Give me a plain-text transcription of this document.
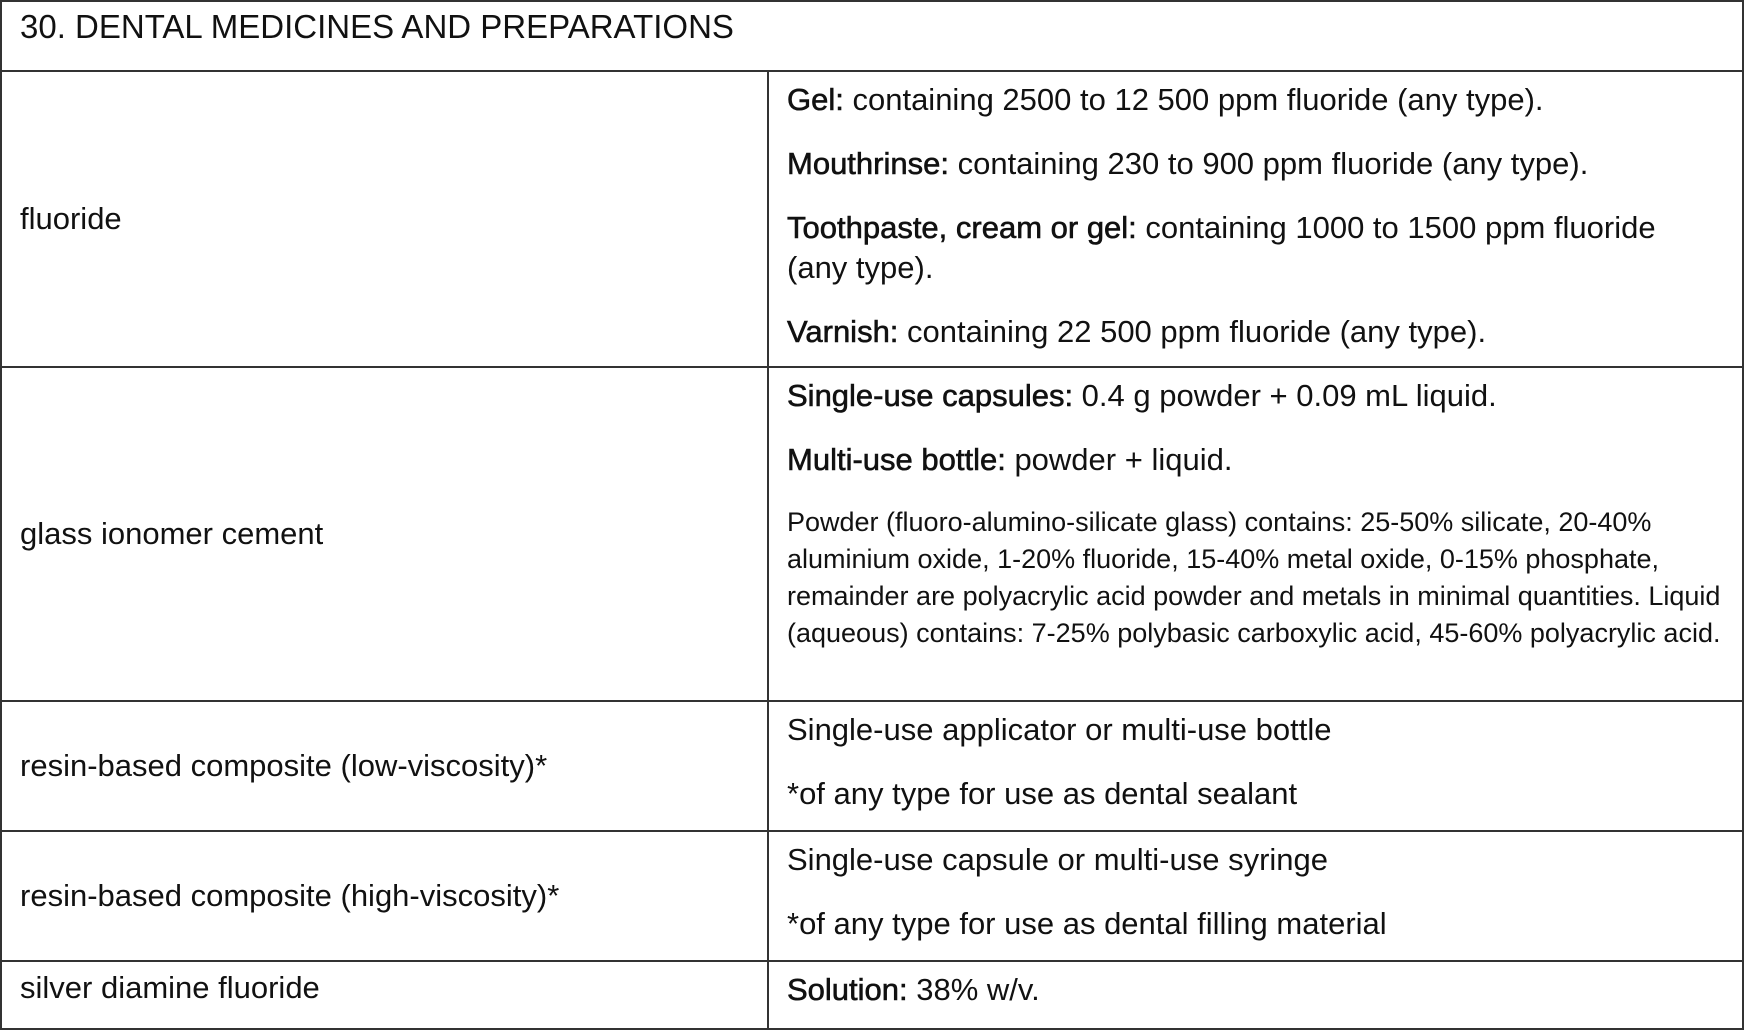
30. DENTAL MEDICINES AND PREPARATIONS	

fluoride	Gel: containing 2500 to 12 500 ppm fluoride (any type).

Mouthrinse: containing 230 to 900 ppm fluoride (any type).

Toothpaste, cream or gel: containing 1000 to 1500 ppm fluoride (any type).

Varnish: containing 22 500 ppm fluoride (any type).

glass ionomer cement	Single-use capsules: 0.4 g powder + 0.09 mL liquid.

Multi-use bottle: powder + liquid.

Powder (fluoro-alumino-silicate glass) contains: 25-50% silicate, 20-40% aluminium oxide, 1-20% fluoride, 15-40% metal oxide, 0-15% phosphate, remainder are polyacrylic acid powder and metals in minimal quantities. Liquid (aqueous) contains: 7-25% polybasic carboxylic acid, 45-60% polyacrylic acid.

resin-based composite (low-viscosity)*	Single-use applicator or multi-use bottle

*of any type for use as dental sealant

resin-based composite (high-viscosity)*	Single-use capsule or multi-use syringe

*of any type for use as dental filling material

silver diamine fluoride	Solution: 38% w/v.
